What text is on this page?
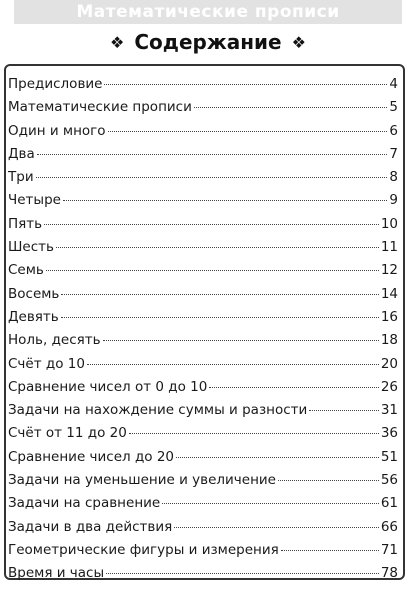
Математические прописи
❖ Содержание ❖
Предисловие	4
Математические прописи	5
Один и много	6
Два	7
Три	8
Четыре	9
Пять	10
Шесть	11
Семь	12
Восемь	14
Девять	16
Ноль, десять	18
Счёт до 10	20
Сравнение чисел от 0 до 10	26
Задачи на нахождение суммы и разности	31
Счёт от 11 до 20	36
Сравнение чисел до 20	51
Задачи на уменьшение и увеличение	56
Задачи на сравнение	61
Задачи в два действия	66
Геометрические фигуры и измерения	71
Время и часы	78
